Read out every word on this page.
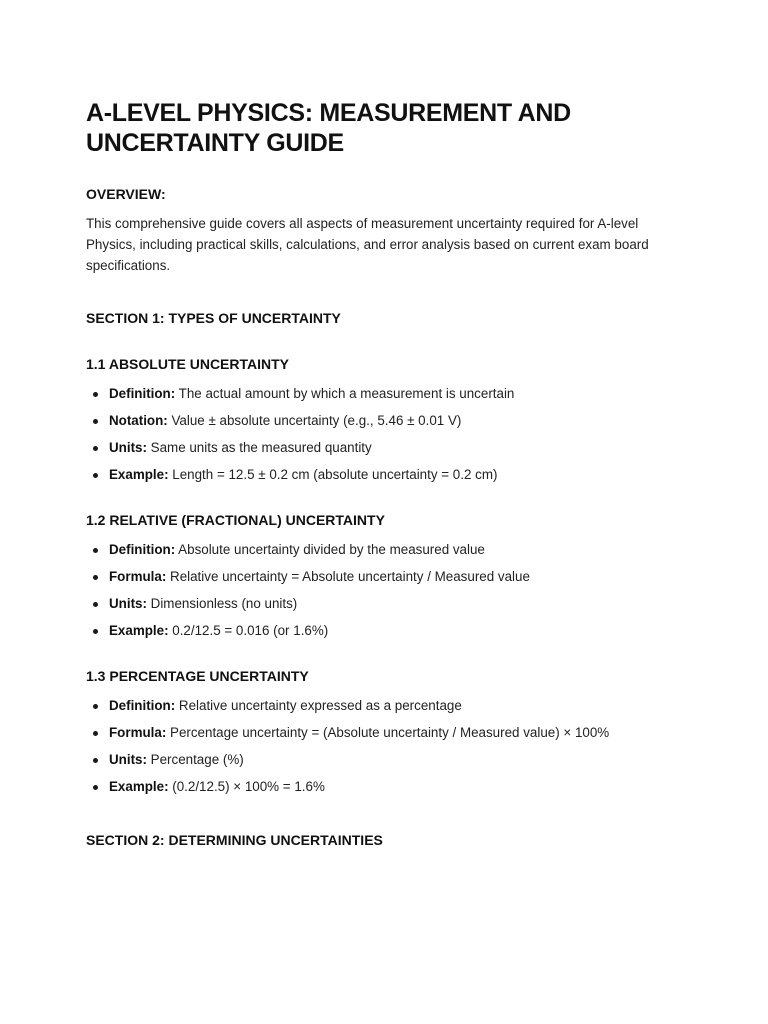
A-LEVEL PHYSICS: MEASUREMENT AND UNCERTAINTY GUIDE
OVERVIEW:

This comprehensive guide covers all aspects of measurement uncertainty required for A-level Physics, including practical skills, calculations, and error analysis based on current exam board specifications.

SECTION 1: TYPES OF UNCERTAINTY
1.1 ABSOLUTE UNCERTAINTY
Definition: The actual amount by which a measurement is uncertain
Notation: Value ± absolute uncertainty (e.g., 5.46 ± 0.01 V)
Units: Same units as the measured quantity
Example: Length = 12.5 ± 0.2 cm (absolute uncertainty = 0.2 cm)
1.2 RELATIVE (FRACTIONAL) UNCERTAINTY
Definition: Absolute uncertainty divided by the measured value
Formula: Relative uncertainty = Absolute uncertainty / Measured value
Units: Dimensionless (no units)
Example: 0.2/12.5 = 0.016 (or 1.6%)
1.3 PERCENTAGE UNCERTAINTY
Definition: Relative uncertainty expressed as a percentage
Formula: Percentage uncertainty = (Absolute uncertainty / Measured value) × 100%
Units: Percentage (%)
Example: (0.2/12.5) × 100% = 1.6%
SECTION 2: DETERMINING UNCERTAINTIES
